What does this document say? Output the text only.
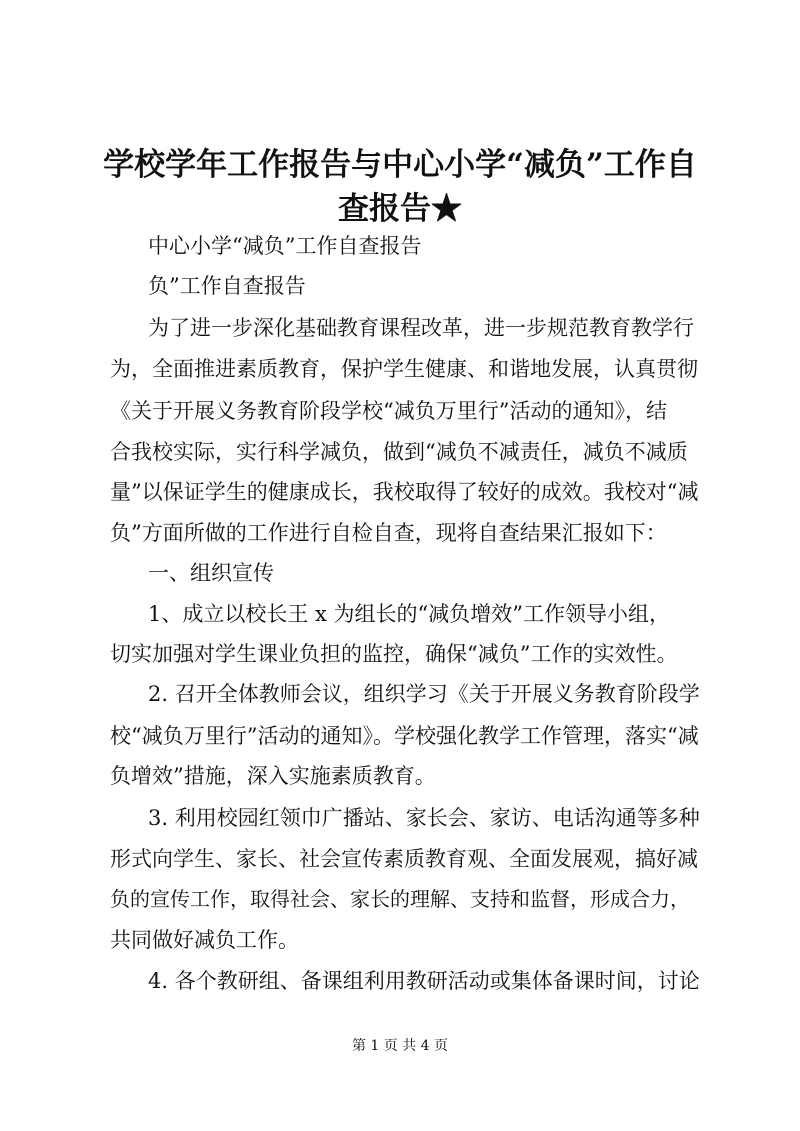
学校学年工作报告与中心小学“减负”工作自
查报告★
中心小学“减负”工作自查报告
负”工作自查报告
为了进一步深化基础教育课程改革，进一步规范教育教学行
为，全面推进素质教育，保护学生健康、和谐地发展，认真贯彻
《关于开展义务教育阶段学校“减负万里行”活动的通知》，结
合我校实际，实行科学减负，做到“减负不减责任，减负不减质
量”以保证学生的健康成长，我校取得了较好的成效。我校对“减
负”方面所做的工作进行自检自查，现将自查结果汇报如下：
一、组织宣传
1、成立以校长王 x 为组长的“减负增效”工作领导小组，
切实加强对学生课业负担的监控，确保“减负”工作的实效性。
2. 召开全体教师会议，组织学习《关于开展义务教育阶段学
校“减负万里行”活动的通知》。学校强化教学工作管理，落实“减
负增效”措施，深入实施素质教育。
3. 利用校园红领巾广播站、家长会、家访、电话沟通等多种
形式向学生、家长、社会宣传素质教育观、全面发展观，搞好减
负的宣传工作，取得社会、家长的理解、支持和监督，形成合力，
共同做好减负工作。
4. 各个教研组、备课组利用教研活动或集体备课时间，讨论
第 1 页 共 4 页
